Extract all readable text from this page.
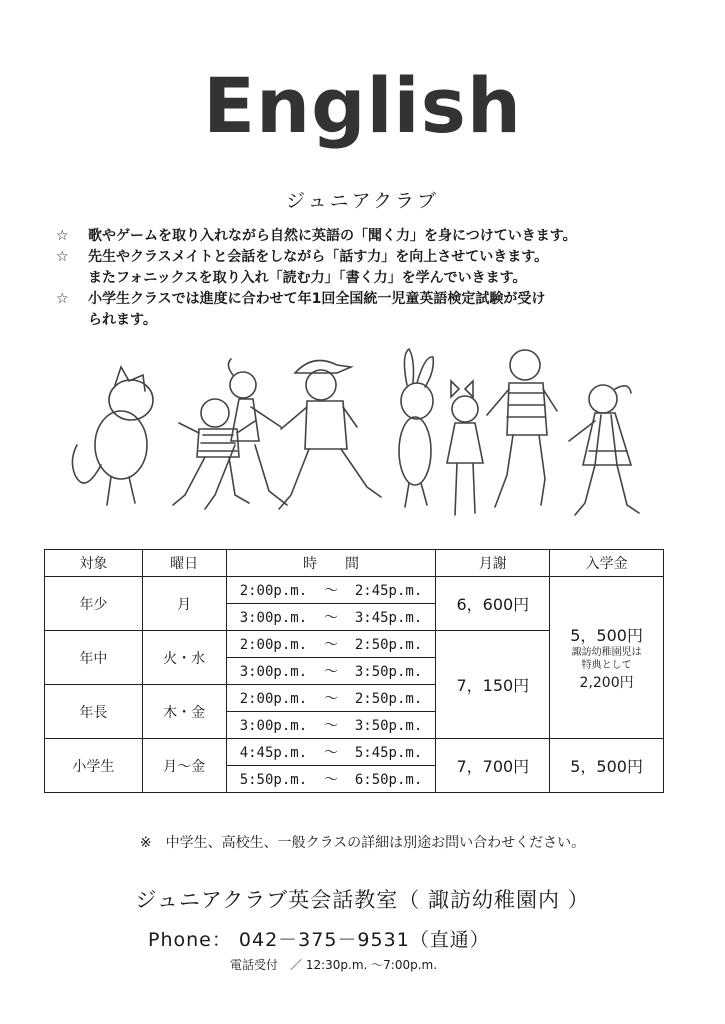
English
ジュニアクラブ
☆	歌やゲームを取り入れながら自然に英語の「聞く力」を身につけていきます。
☆	先生やクラスメイトと会話をしながら「話す力」を向上させていきます。
またフォニックスを取り入れ「読む力」「書く力」を学んでいきます。
☆	小学生クラスでは進度に合わせて年1回全国統一児童英語検定試験が受け
られます。
対象	曜日	時　　間	月謝	入学金
年少	月	2:00p.m.  ～  2:45p.m.	6，600円	5，500円
諏訪幼稚園児は
特典として
2,200円

		3:00p.m.  ～  3:45p.m.		
年中	火・水	2:00p.m.  ～  2:50p.m.	7，150円	
		3:00p.m.  ～  3:50p.m.		
年長	木・金	2:00p.m.  ～  2:50p.m.		
		3:00p.m.  ～  3:50p.m.		
小学生	月～金	4:45p.m.  ～  5:45p.m.	7，700円	5，500円
		5:50p.m.  ～  6:50p.m.		
※　中学生、高校生、一般クラスの詳細は別途お問い合わせください。
ジュニアクラブ英会話教室（ 諏訪幼稚園内 ）
Phone： 042－375－9531（直通）
電話受付　／ 12:30p.m. ～7:00p.m.
